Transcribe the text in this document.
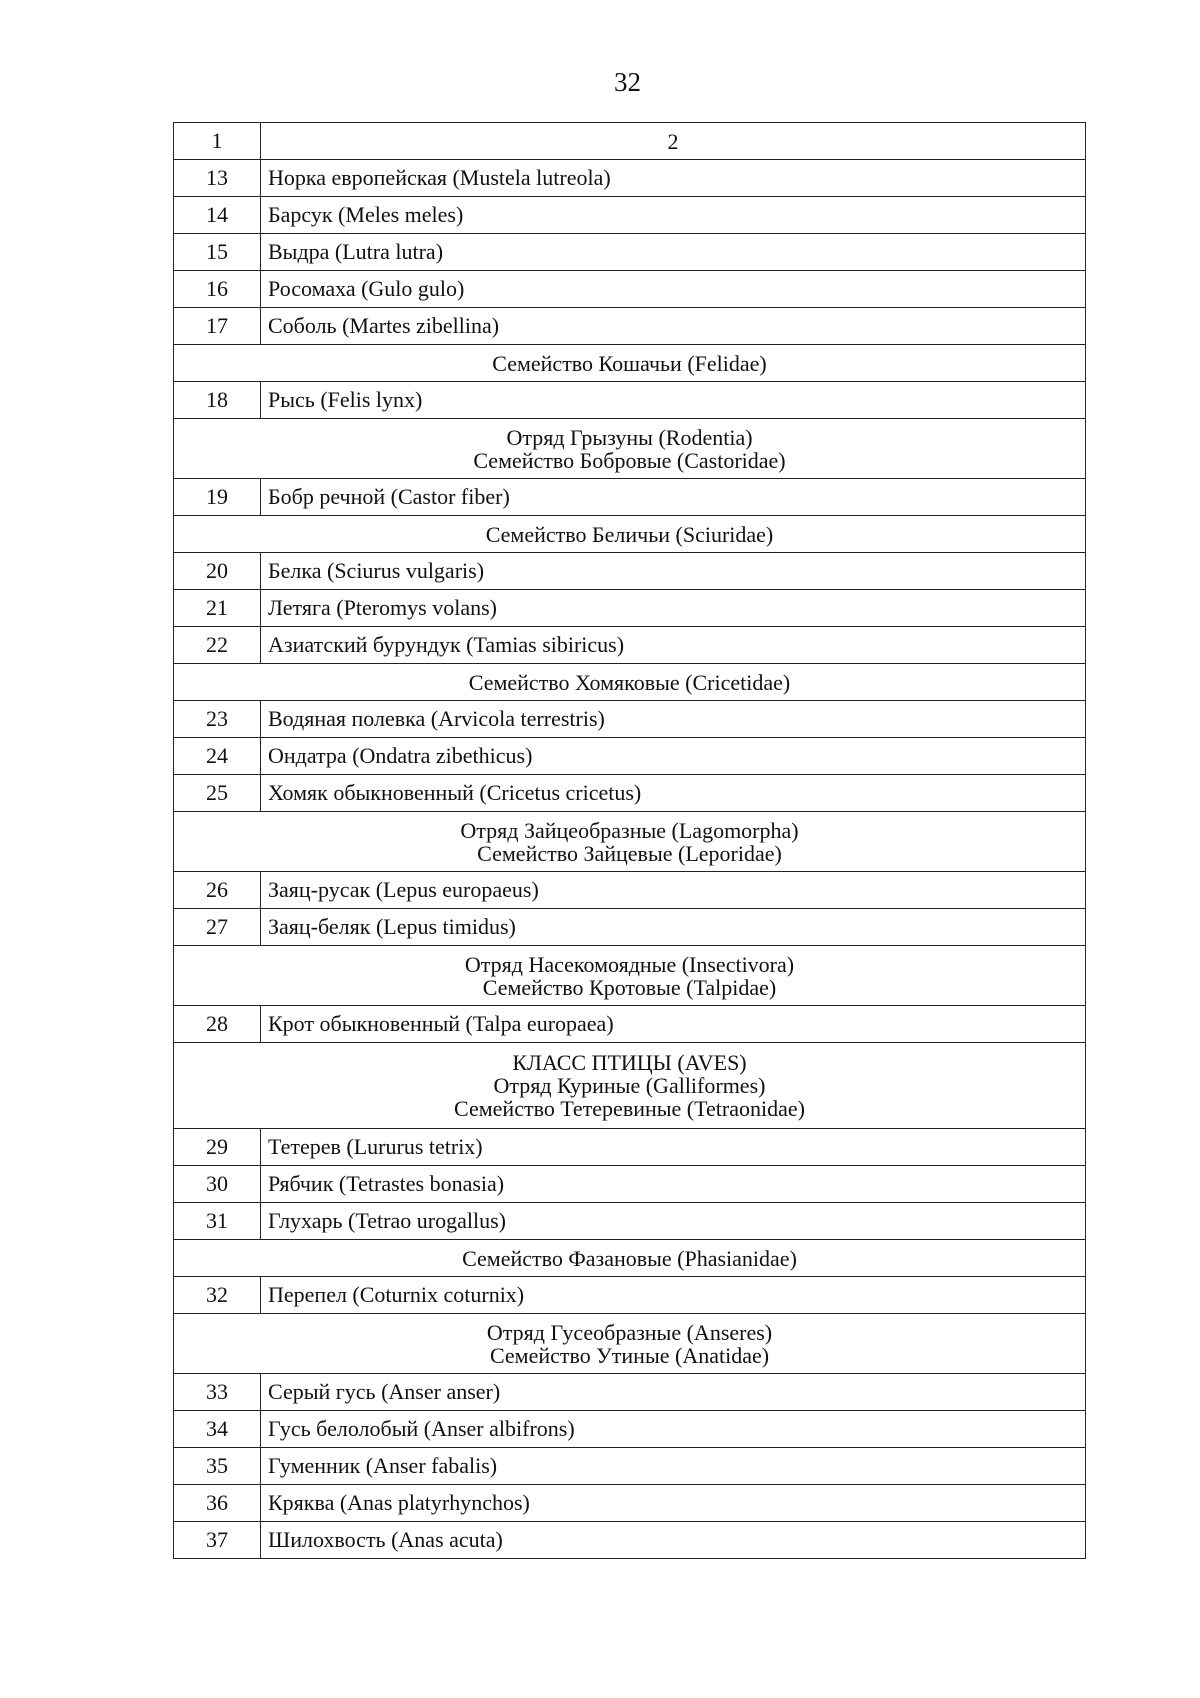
32
1	2
13	Норка европейская (Mustela lutreola)
14	Барсук (Meles meles)
15	Выдра (Lutra lutra)
16	Росомаха (Gulo gulo)
17	Соболь (Martes zibellina)

Семейство Кошачьи (Felidae)	

18	Рысь (Felis lynx)

Отряд Грызуны (Rodentia)
Семейство Бобровые (Castoridae)	

19	Бобр речной (Castor fiber)

Семейство Беличьи (Sciuridae)	

20	Белка (Sciurus vulgaris)
21	Летяга (Pteromys volans)
22	Азиатский бурундук (Tamias sibiricus)

Семейство Хомяковые (Cricetidae)	

23	Водяная полевка (Arvicola terrestris)
24	Ондатра (Ondatra zibethicus)
25	Хомяк обыкновенный (Cricetus cricetus)

Отряд Зайцеобразные (Lagomorpha)
Семейство Зайцевые (Leporidae)	

26	Заяц-русак (Lepus europaeus)
27	Заяц-беляк (Lepus timidus)

Отряд Насекомоядные (Insectivora)
Семейство Кротовые (Talpidae)	

28	Крот обыкновенный (Talpa europaea)

КЛАСС ПТИЦЫ (AVES)
Отряд Куриные (Galliformes)
Семейство Тетеревиные (Tetraonidae)	

29	Тетерев (Lururus tetrix)
30	Рябчик (Tetrastes bonasia)
31	Глухарь (Tetrao urogallus)

Семейство Фазановые (Phasianidae)	

32	Перепел (Coturnix coturnix)

Отряд Гусеобразные (Anseres)
Семейство Утиные (Anatidae)	

33	Серый гусь (Anser anser)
34	Гусь белолобый (Anser albifrons)
35	Гуменник (Anser fabalis)
36	Кряква (Anas platyrhynchos)
37	Шилохвость (Anas acuta)
